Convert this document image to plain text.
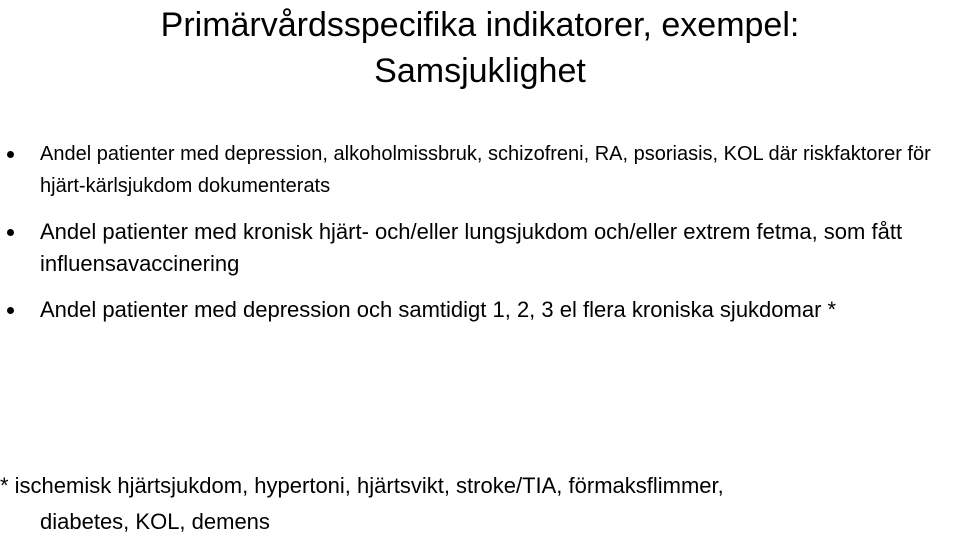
Primärvårdsspecifika indikatorer, exempel:
Samsjuklighet
Andel patienter med depression, alkoholmissbruk, schizofreni, RA, psoriasis, KOL där riskfaktorer för hjärt-kärlsjukdom dokumenterats
Andel patienter med kronisk hjärt- och/eller lungsjukdom och/eller extrem fetma, som fått influensavaccinering
Andel patienter med depression och samtidigt 1, 2, 3 el flera kroniska sjukdomar *

* ischemisk hjärtsjukdom, hypertoni, hjärtsvikt, stroke/TIA, förmaksflimmer,
diabetes, KOL, demens
